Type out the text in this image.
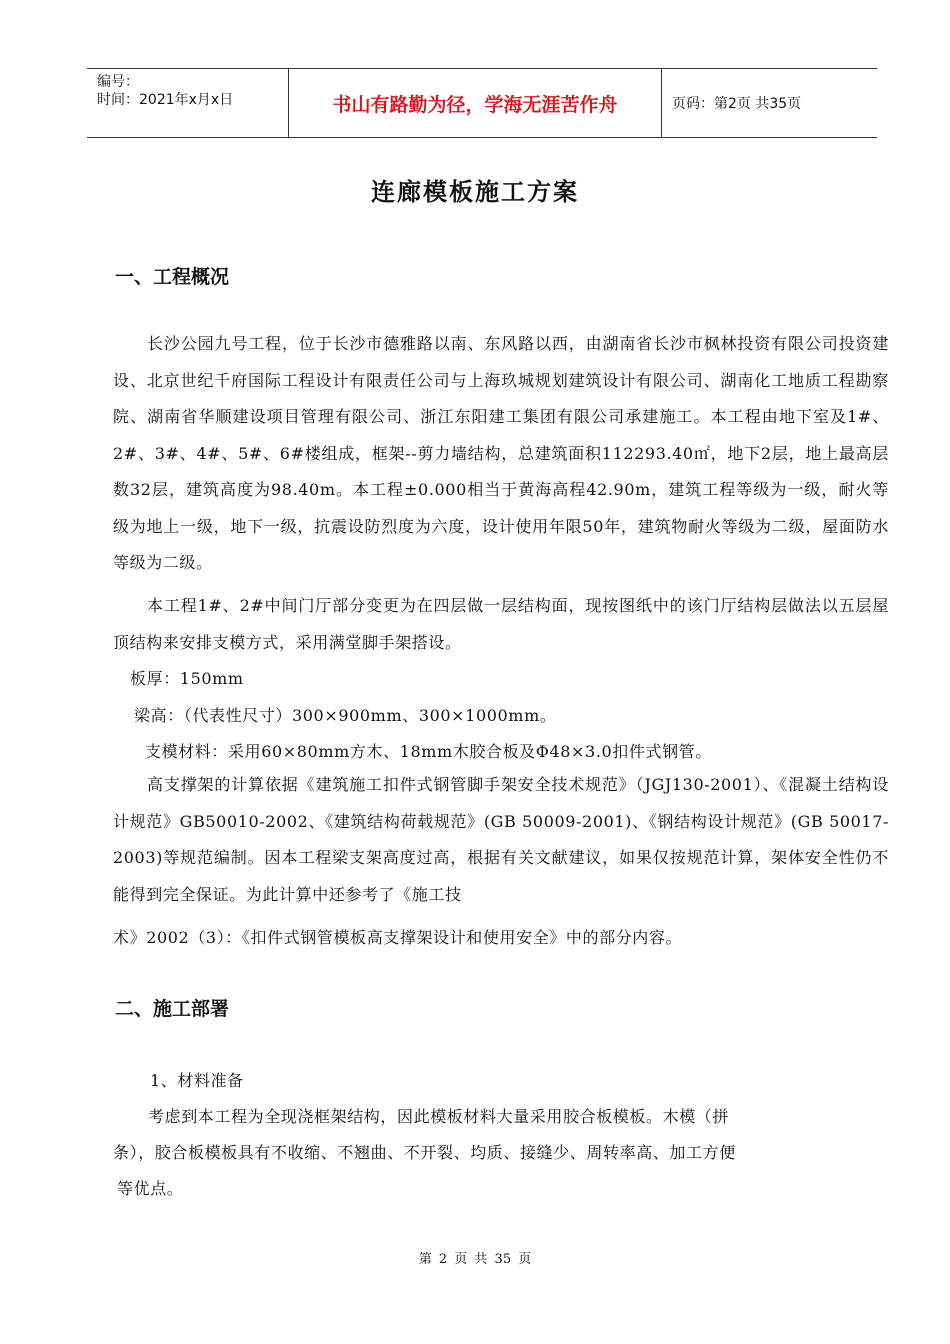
编号：
时间：2021年x月x日	书山有路勤为径，学海无涯苦作舟	页码：第2页 共35页
连廊模板施工方案
一、工程概况

长沙公园九号工程，位于长沙市德雅路以南、东风路以西，由湖南省长沙市枫林投资有限公司投资建设、北京世纪千府国际工程设计有限责任公司与上海玖城规划建筑设计有限公司、湖南化工地质工程勘察院、湖南省华顺建设项目管理有限公司、浙江东阳建工集团有限公司承建施工。本工程由地下室及1#、2#、3#、4#、5#、6#楼组成，框架--剪力墙结构，总建筑面积112293.40㎡，地下2层，地上最高层数32层，建筑高度为98.40m。本工程±0.000相当于黄海高程42.90m，建筑工程等级为一级，耐火等级为地上一级，地下一级，抗震设防烈度为六度，设计使用年限50年，建筑物耐火等级为二级，屋面防水等级为二级。

本工程1#、2#中间门厅部分变更为在四层做一层结构面，现按图纸中的该门厅结构层做法以五层屋顶结构来安排支模方式，采用满堂脚手架搭设。

板厚：150mm
梁高：（代表性尺寸）300×900mm、300×1000mm。
支模材料：采用60×80mm方木、18mm木胶合板及Φ48×3.0扣件式钢管。

高支撑架的计算依据《建筑施工扣件式钢管脚手架安全技术规范》（JGJ130-2001）、《混凝土结构设计规范》GB50010-2002、《建筑结构荷载规范》(GB 50009-2001)、《钢结构设计规范》(GB 50017-2003)等规范编制。因本工程梁支架高度过高，根据有关文献建议，如果仅按规范计算，架体安全性仍不能得到完全保证。为此计算中还参考了《施工技

术》2002（3）：《扣件式钢管模板高支撑架设计和使用安全》中的部分内容。
二、施工部署
1、材料准备
考虑到本工程为全现浇框架结构，因此模板材料大量采用胶合板模板。木模（拼
条），胶合板模板具有不收缩、不翘曲、不开裂、均质、接缝少、周转率高、加工方便
等优点。
第 2 页 共 35 页
